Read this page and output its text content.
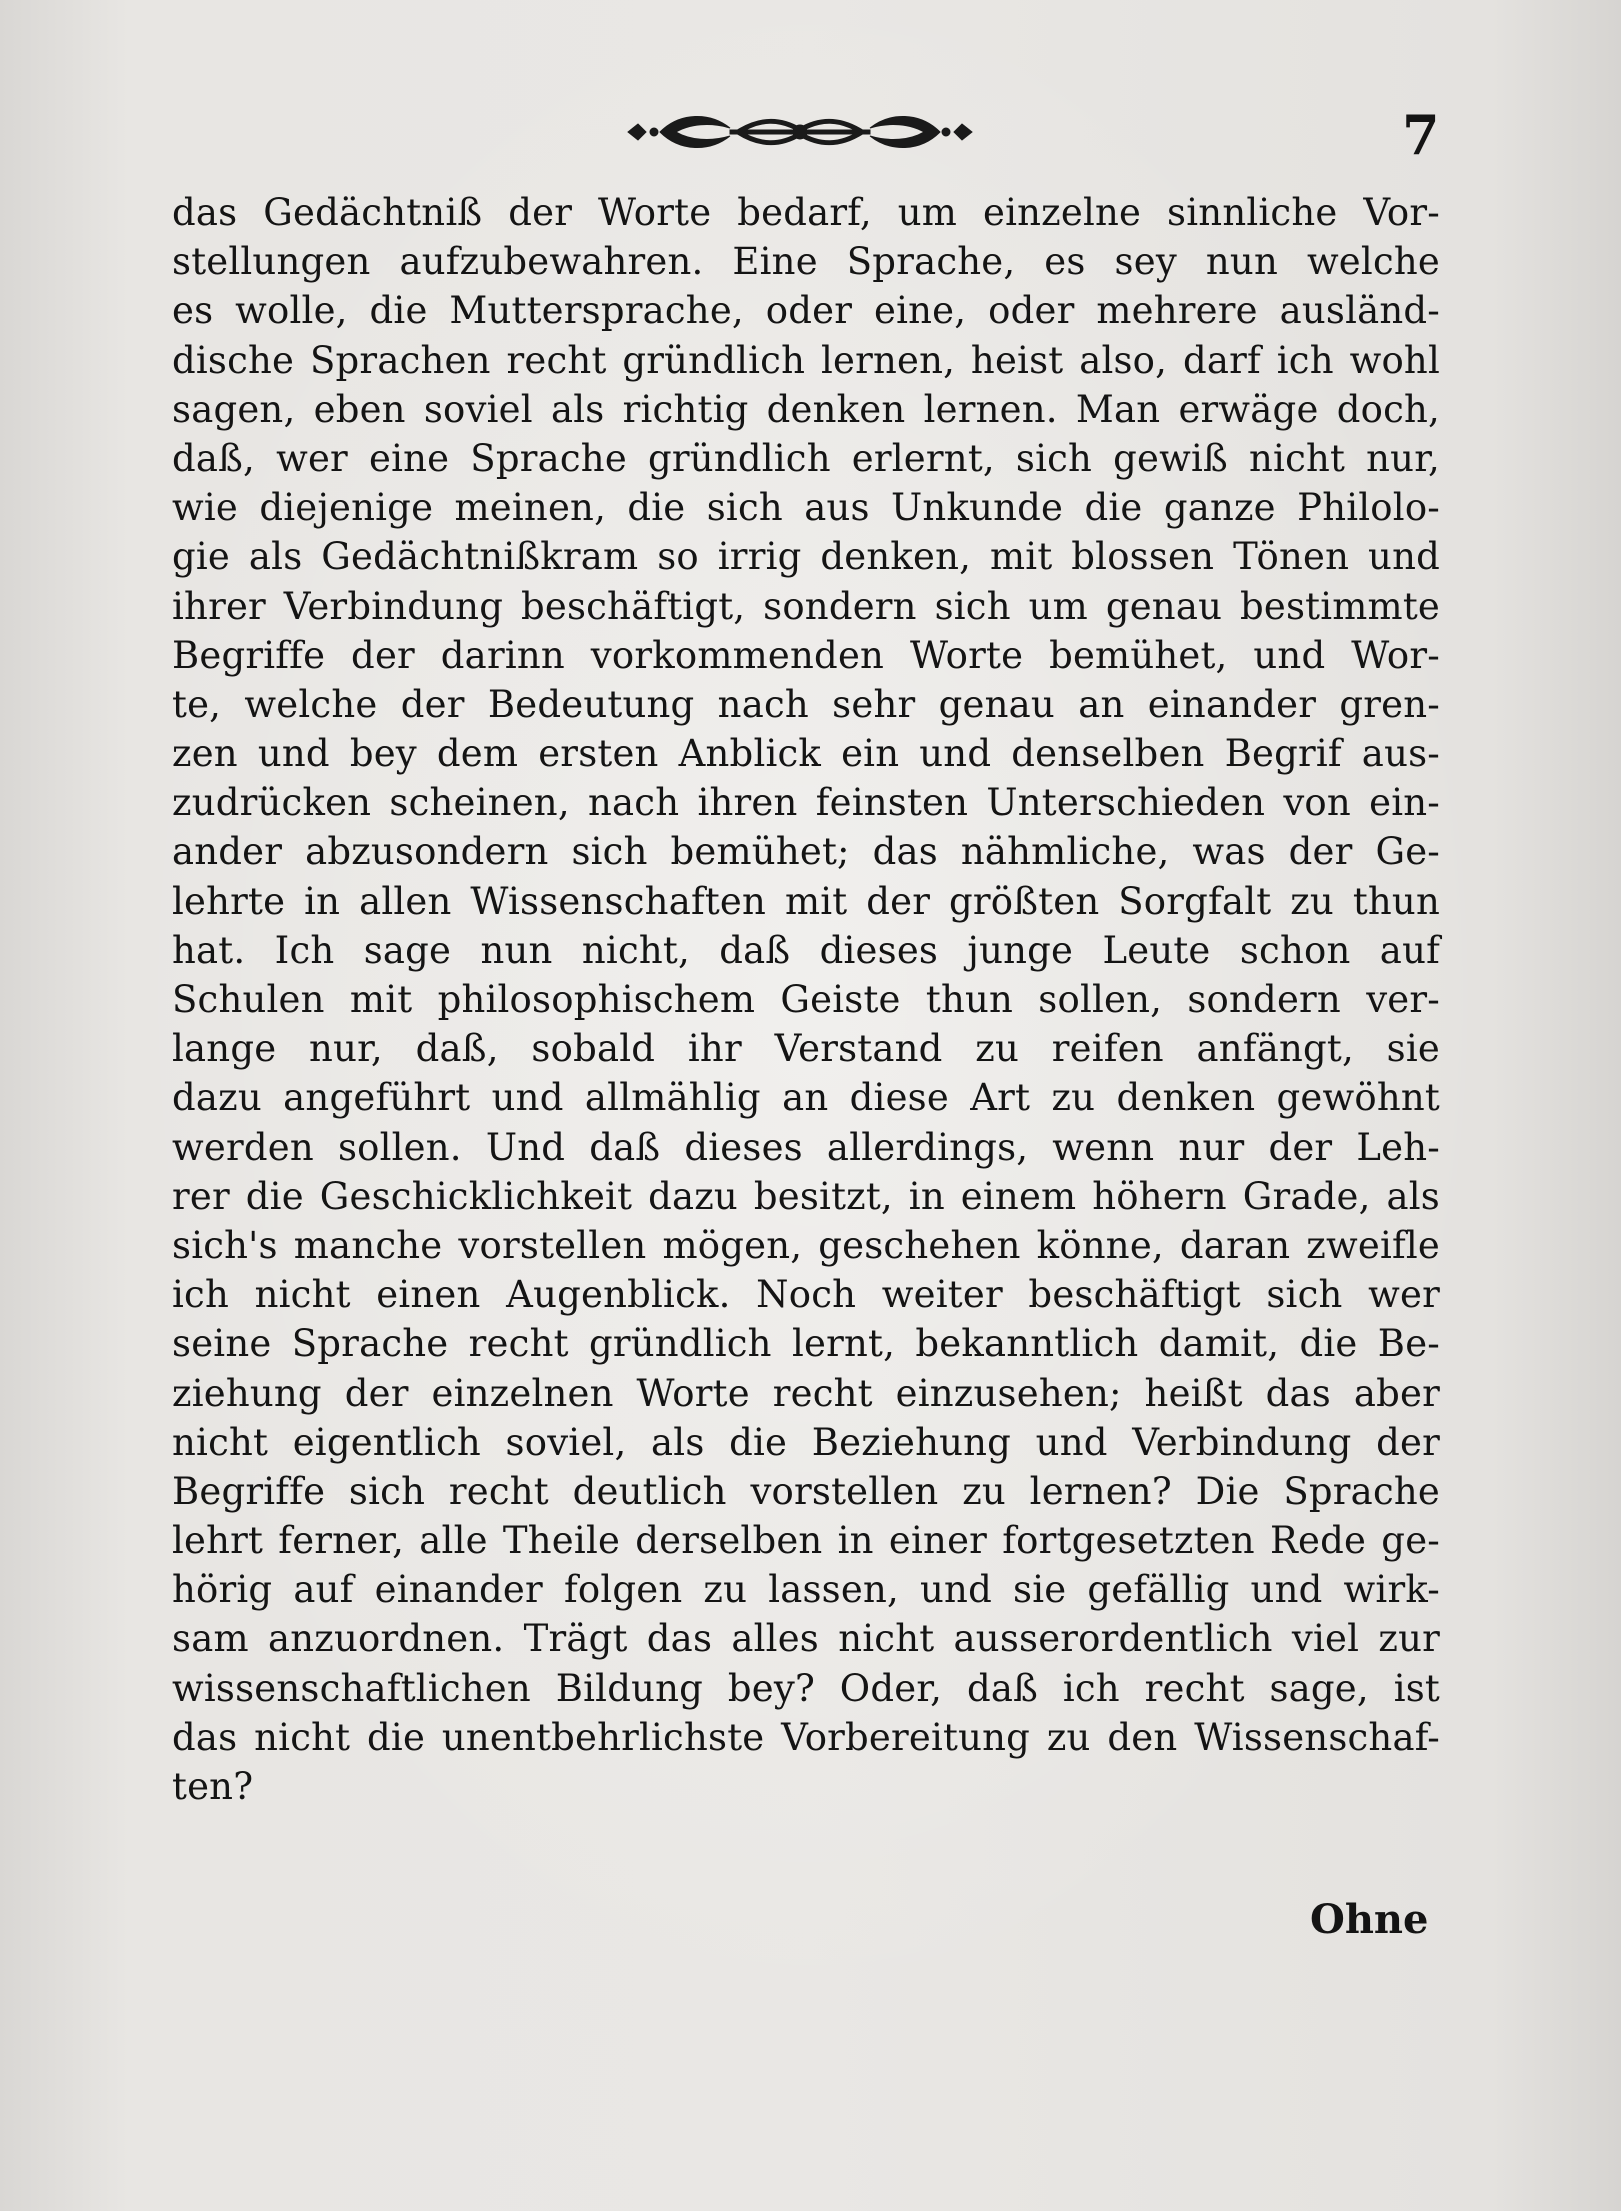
7
das Gedächtniß der Worte bedarf, um einzelne sinnliche Vor-
stellungen aufzubewahren. Eine Sprache, es sey nun welche
es wolle, die Muttersprache, oder eine, oder mehrere ausländ-
dische Sprachen recht gründlich lernen, heist also, darf ich wohl
sagen, eben soviel als richtig denken lernen. Man erwäge doch,
daß, wer eine Sprache gründlich erlernt, sich gewiß nicht nur,
wie diejenige meinen, die sich aus Unkunde die ganze Philolo-
gie als Gedächtnißkram so irrig denken, mit blossen Tönen und
ihrer Verbindung beschäftigt, sondern sich um genau bestimmte
Begriffe der darinn vorkommenden Worte bemühet, und Wor-
te, welche der Bedeutung nach sehr genau an einander gren-
zen und bey dem ersten Anblick ein und denselben Begrif aus-
zudrücken scheinen, nach ihren feinsten Unterschieden von ein-
ander abzusondern sich bemühet; das nähmliche, was der Ge-
lehrte in allen Wissenschaften mit der größten Sorgfalt zu thun
hat. Ich sage nun nicht, daß dieses junge Leute schon auf
Schulen mit philosophischem Geiste thun sollen, sondern ver-
lange nur, daß, sobald ihr Verstand zu reifen anfängt, sie
dazu angeführt und allmählig an diese Art zu denken gewöhnt
werden sollen. Und daß dieses allerdings, wenn nur der Leh-
rer die Geschicklichkeit dazu besitzt, in einem höhern Grade, als
sich's manche vorstellen mögen, geschehen könne, daran zweifle
ich nicht einen Augenblick. Noch weiter beschäftigt sich wer
seine Sprache recht gründlich lernt, bekanntlich damit, die Be-
ziehung der einzelnen Worte recht einzusehen; heißt das aber
nicht eigentlich soviel, als die Beziehung und Verbindung der
Begriffe sich recht deutlich vorstellen zu lernen? Die Sprache
lehrt ferner, alle Theile derselben in einer fortgesetzten Rede ge-
hörig auf einander folgen zu lassen, und sie gefällig und wirk-
sam anzuordnen. Trägt das alles nicht ausserordentlich viel zur
wissenschaftlichen Bildung bey? Oder, daß ich recht sage, ist
das nicht die unentbehrlichste Vorbereitung zu den Wissenschaf-
ten?
Ohne
